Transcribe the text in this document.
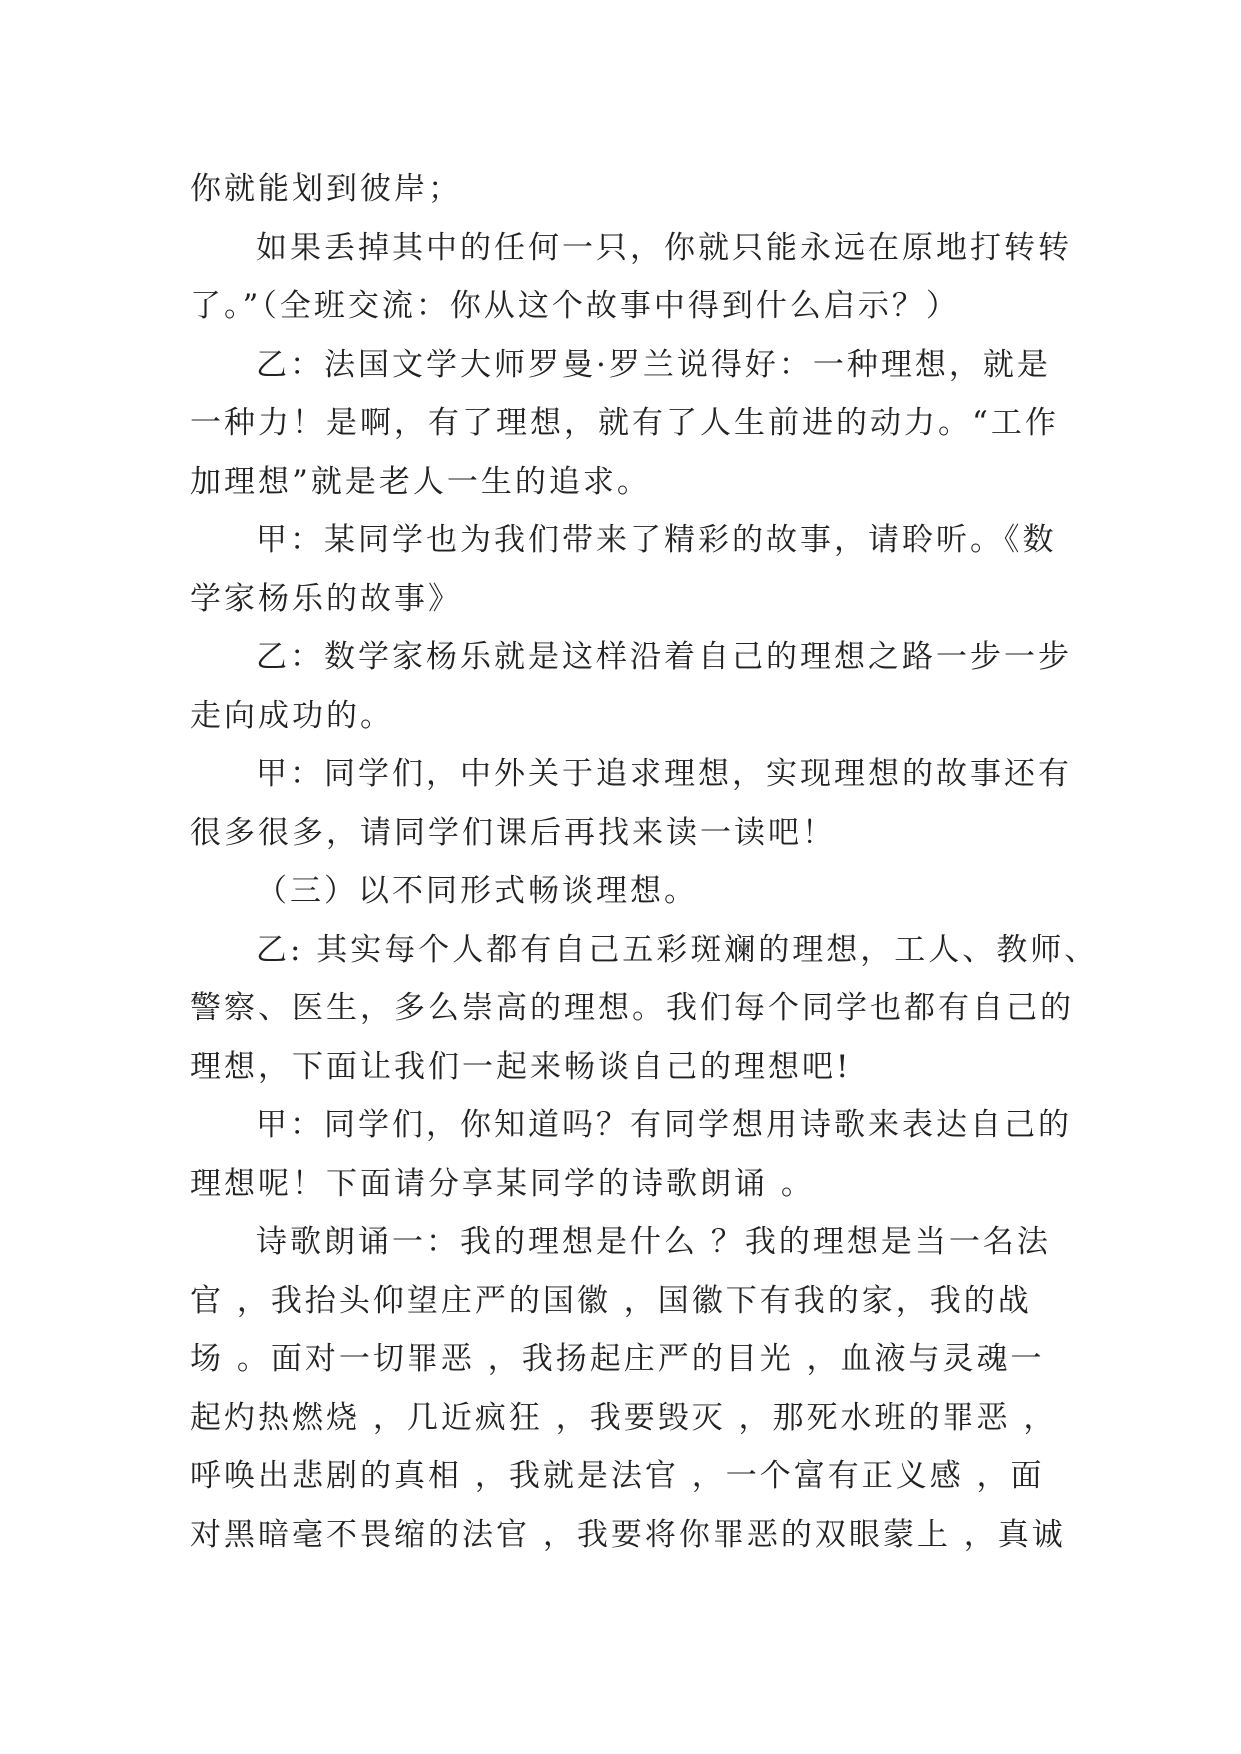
你就能划到彼岸；
如果丢掉其中的任何一只，你就只能永远在原地打转转
了。”（全班交流：你从这个故事中得到什么启示？）
乙：法国文学大师罗曼·罗兰说得好：一种理想，就是
一种力！是啊，有了理想，就有了人生前进的动力。“工作
加理想”就是老人一生的追求。
甲：某同学也为我们带来了精彩的故事，请聆听。《数
学家杨乐的故事》
乙：数学家杨乐就是这样沿着自己的理想之路一步一步
走向成功的。
甲：同学们，中外关于追求理想，实现理想的故事还有
很多很多，请同学们课后再找来读一读吧！
（三）以不同形式畅谈理想。
乙: 其实每个人都有自己五彩斑斓的理想，工人、教师、
警察、医生，多么崇高的理想。我们每个同学也都有自己的
理想，下面让我们一起来畅谈自己的理想吧!
甲：同学们，你知道吗？有同学想用诗歌来表达自己的
理想呢！下面请分享某同学的诗歌朗诵 。
诗歌朗诵一：我的理想是什么 ？我的理想是当一名法
官 ，我抬头仰望庄严的国徽 ，国徽下有我的家，我的战
场 。面对一切罪恶 ，我扬起庄严的目光 ，血液与灵魂一
起灼热燃烧 ，几近疯狂 ，我要毁灭 ，那死水班的罪恶 ，
呼唤出悲剧的真相 ，我就是法官 ，一个富有正义感 ，面
对黑暗毫不畏缩的法官 ，我要将你罪恶的双眼蒙上 ，真诚
